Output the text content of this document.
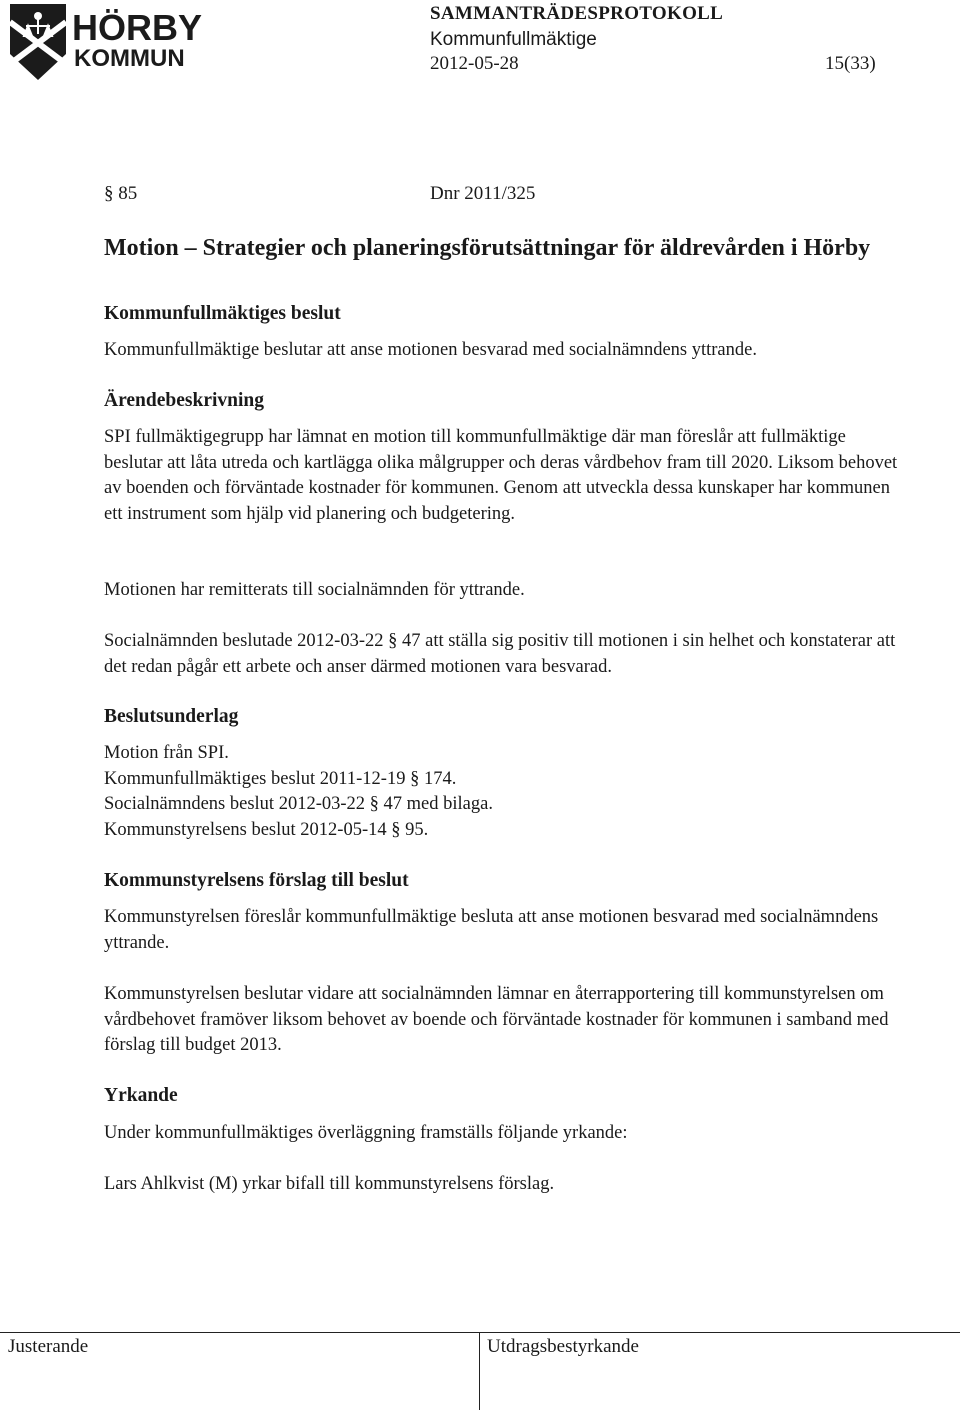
HÖRBY
KOMMUN
SAMMANTRÄDESPROTOKOLL
Kommunfullmäktige
2012-05-28	15(33)
§ 85	Dnr 2011/325
Motion – Strategier och planeringsförutsättningar för äldrevården i Hörby
Kommunfullmäktiges beslut
Kommunfullmäktige beslutar att anse motionen besvarad med socialnämndens yttrande.
Ärendebeskrivning
SPI fullmäktigegrupp har lämnat en motion till kommunfullmäktige där man föreslår att fullmäktige beslutar att låta utreda och kartlägga olika målgrupper och deras vårdbehov fram till 2020. Liksom behovet av boenden och förväntade kostnader för kommunen. Genom att utveckla dessa kunskaper har kommunen ett instrument som hjälp vid planering och budgetering.
Motionen har remitterats till socialnämnden för yttrande.
Socialnämnden beslutade 2012-03-22 § 47 att ställa sig positiv till motionen i sin helhet och konstaterar att det redan pågår ett arbete och anser därmed motionen vara besvarad.
Beslutsunderlag
Motion från SPI.
Kommunfullmäktiges beslut 2011-12-19 § 174.
Socialnämndens beslut 2012-03-22 § 47 med bilaga.
Kommunstyrelsens beslut 2012-05-14 § 95.
Kommunstyrelsens förslag till beslut
Kommunstyrelsen föreslår kommunfullmäktige besluta att anse motionen besvarad med socialnämndens yttrande.
Kommunstyrelsen beslutar vidare att socialnämnden lämnar en återrapportering till kommunstyrelsen om vårdbehovet framöver liksom behovet av boende och förväntade kostnader för kommunen i samband med förslag till budget 2013.
Yrkande
Under kommunfullmäktiges överläggning framställs följande yrkande:
Lars Ahlkvist (M) yrkar bifall till kommunstyrelsens förslag.
Justerande	Utdragsbestyrkande
